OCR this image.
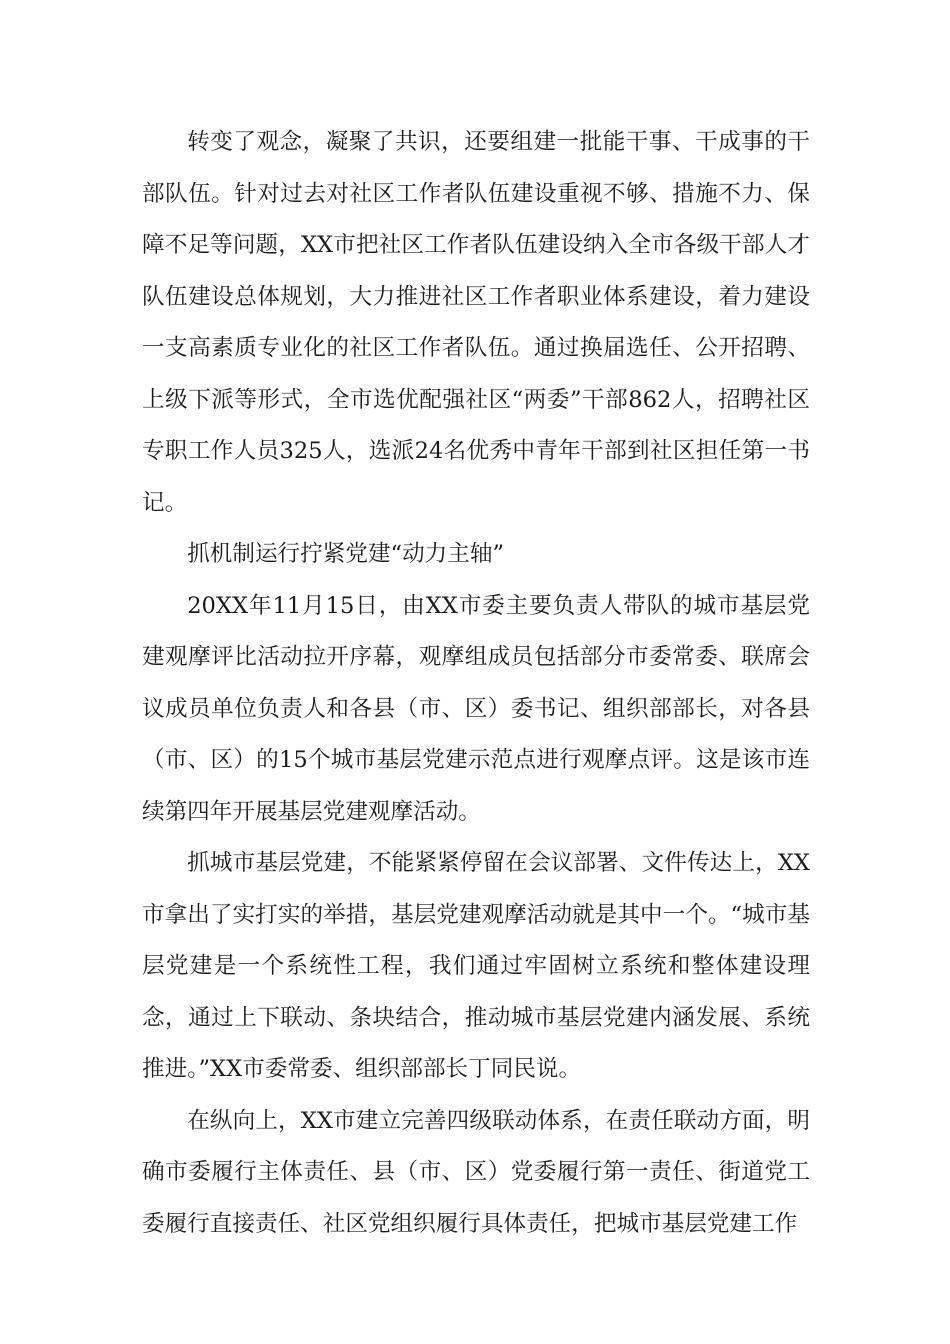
转变了观念，凝聚了共识，还要组建一批能干事、干成事的干部队伍。针对过去对社区工作者队伍建设重视不够、措施不力、保障不足等问题，XX市把社区工作者队伍建设纳入全市各级干部人才队伍建设总体规划，大力推进社区工作者职业体系建设，着力建设一支高素质专业化的社区工作者队伍。通过换届选任、公开招聘、上级下派等形式，全市选优配强社区“两委”干部862人，招聘社区专职工作人员325人，选派24名优秀中青年干部到社区担任第一书记。

抓机制运行拧紧党建“动力主轴”

20XX年11月15日，由XX市委主要负责人带队的城市基层党建观摩评比活动拉开序幕，观摩组成员包括部分市委常委、联席会议成员单位负责人和各县（市、区）委书记、组织部部长，对各县（市、区）的15个城市基层党建示范点进行观摩点评。这是该市连续第四年开展基层党建观摩活动。

抓城市基层党建，不能紧紧停留在会议部署、文件传达上，XX市拿出了实打实的举措，基层党建观摩活动就是其中一个。“城市基层党建是一个系统性工程，我们通过牢固树立系统和整体建设理念，通过上下联动、条块结合，推动城市基层党建内涵发展、系统推进。”XX市委常委、组织部部长丁同民说。

在纵向上，XX市建立完善四级联动体系，在责任联动方面，明确市委履行主体责任、县（市、区）党委履行第一责任、街道党工委履行直接责任、社区党组织履行具体责任，把城市基层党建工作
